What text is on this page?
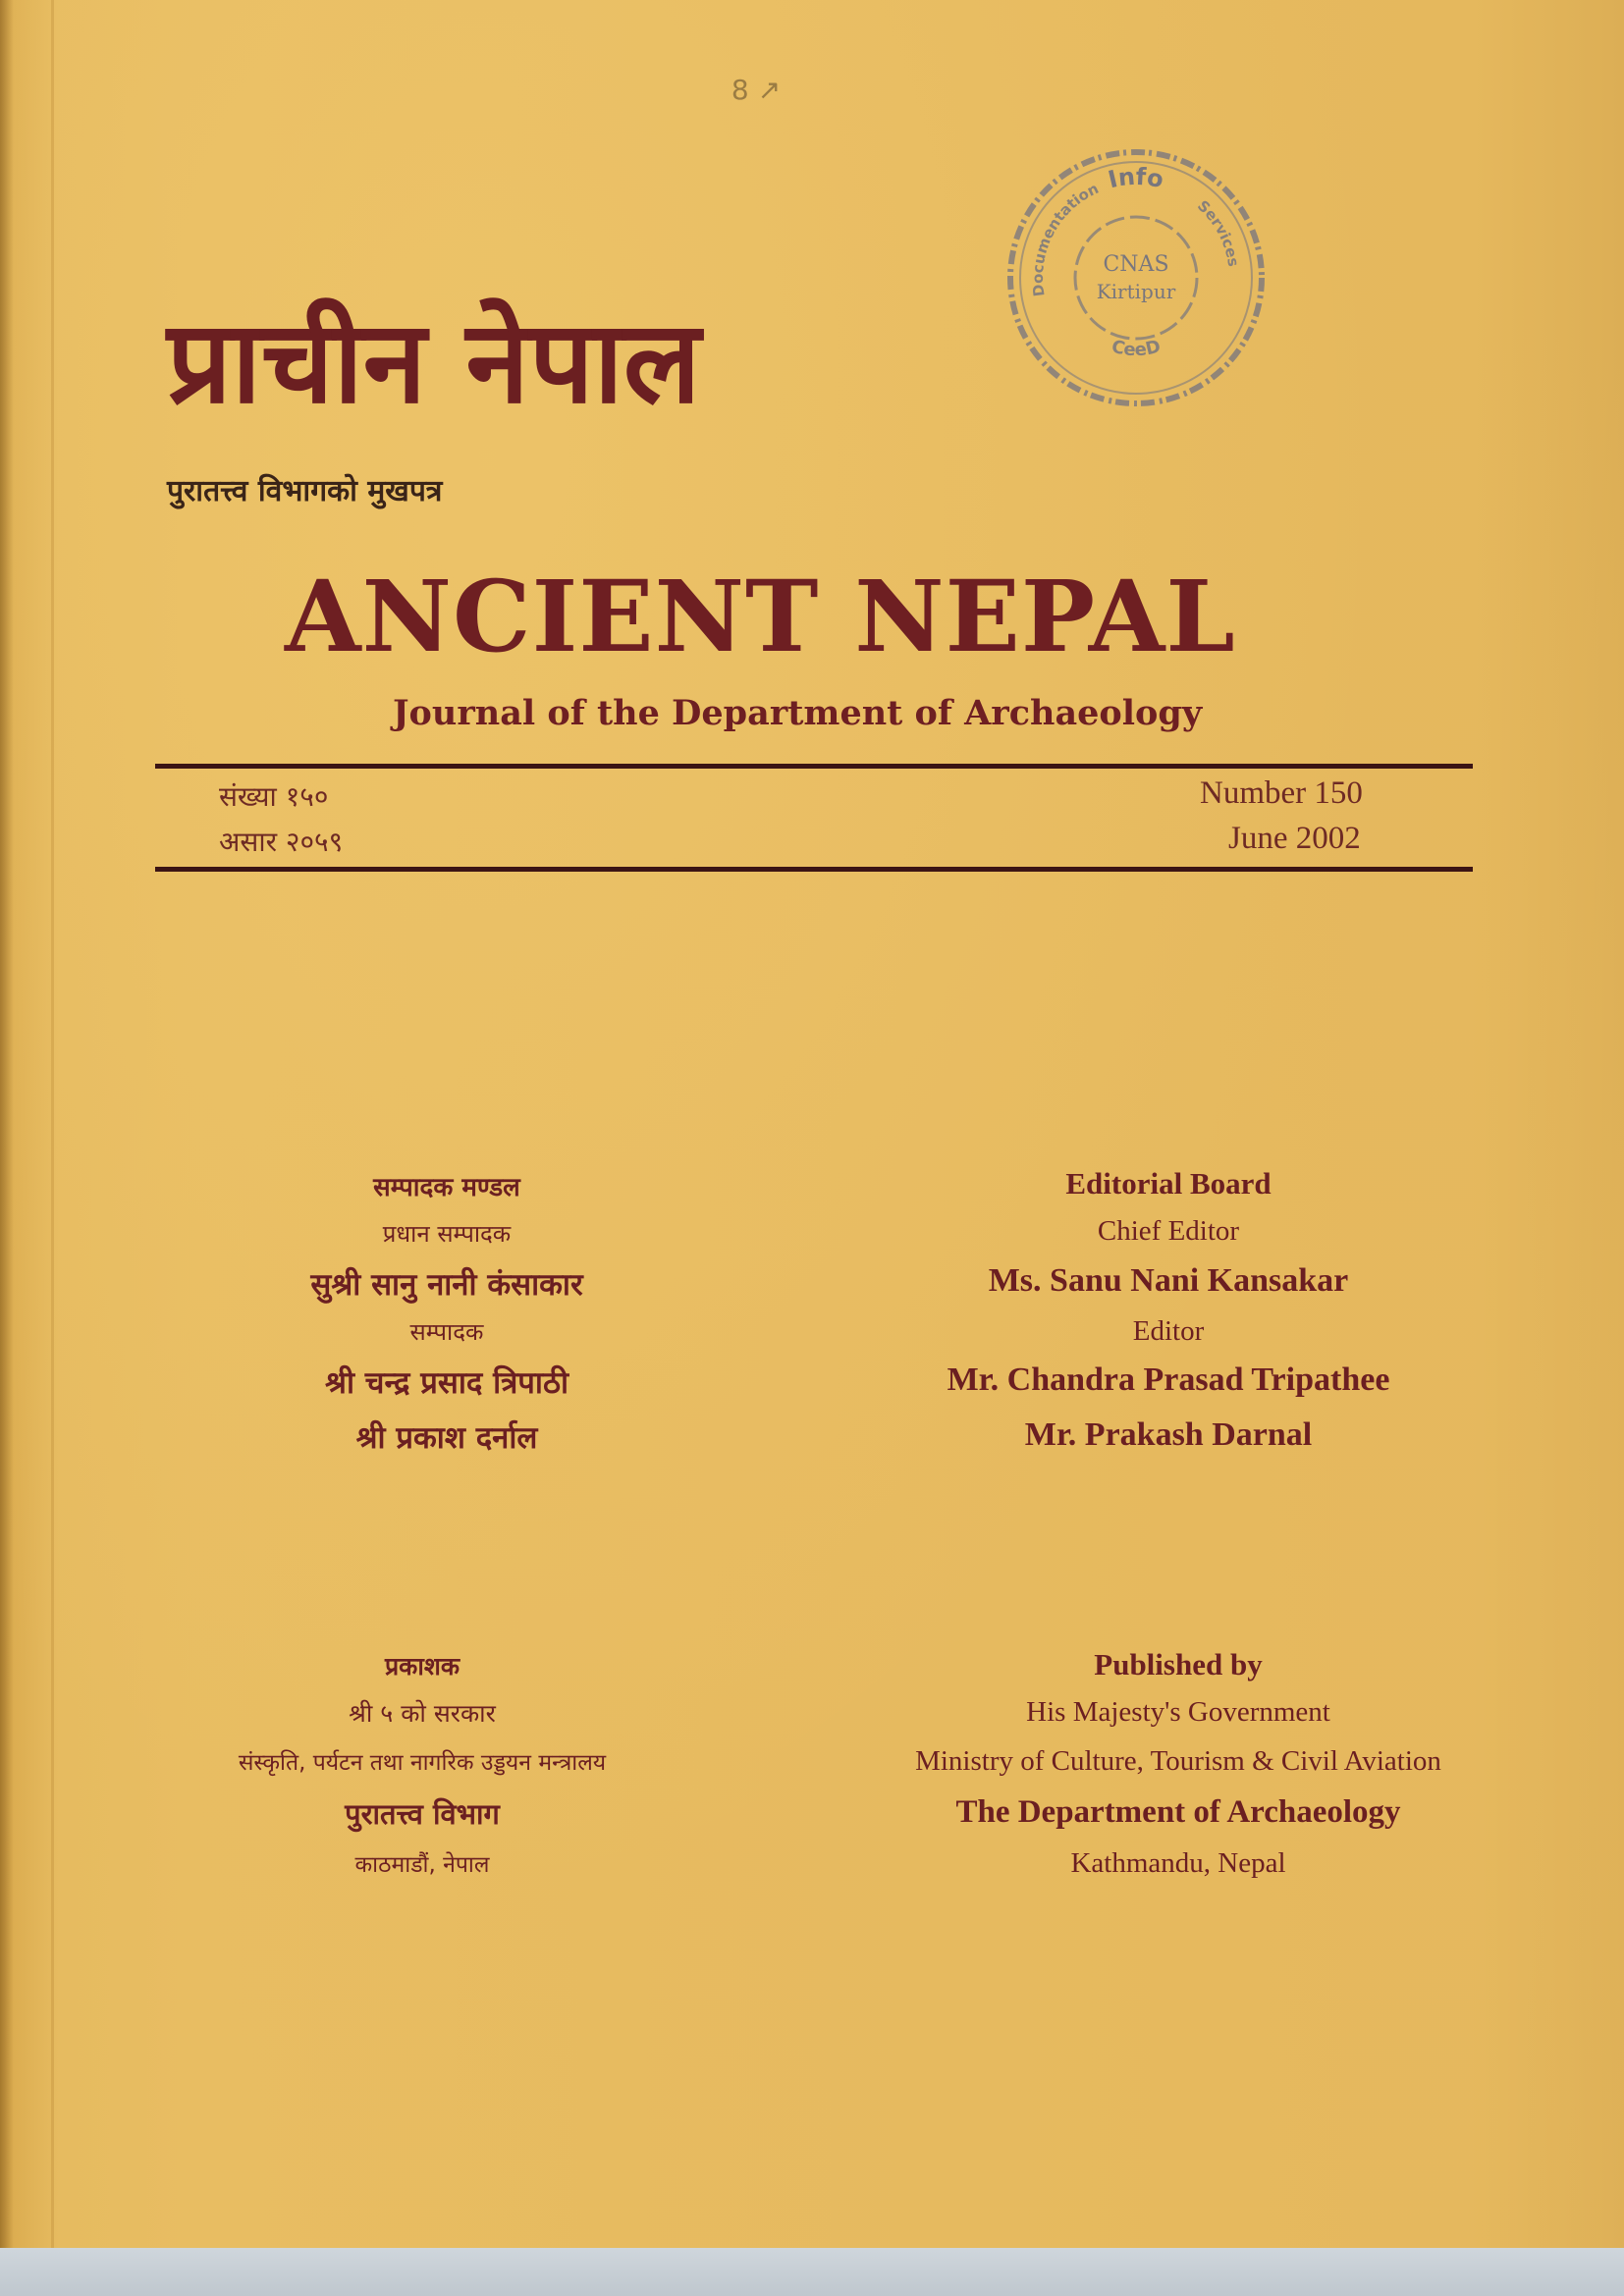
8 ↗
Info
Documentation
Services
CeeD
CNAS
Kirtipur
प्राचीन नेपाल
पुरातत्त्व विभागको मुखपत्र
ANCIENT NEPAL
Journal of the Department of Archaeology
संख्या १५०
असार २०५९
Number 150
June 2002
सम्पादक मण्डल
प्रधान सम्पादक
सुश्री सानु नानी कंसाकार
सम्पादक
श्री चन्द्र प्रसाद त्रिपाठी
श्री प्रकाश दर्नाल
Editorial Board
Chief Editor
Ms. Sanu Nani Kansakar
Editor
Mr. Chandra Prasad Tripathee
Mr. Prakash Darnal
प्रकाशक
श्री ५ को सरकार
संस्कृति, पर्यटन तथा नागरिक उड्डयन मन्त्रालय
पुरातत्त्व विभाग
काठमाडौं, नेपाल
Published by
His Majesty's Government
Ministry of Culture, Tourism & Civil Aviation
The Department of Archaeology
Kathmandu, Nepal
